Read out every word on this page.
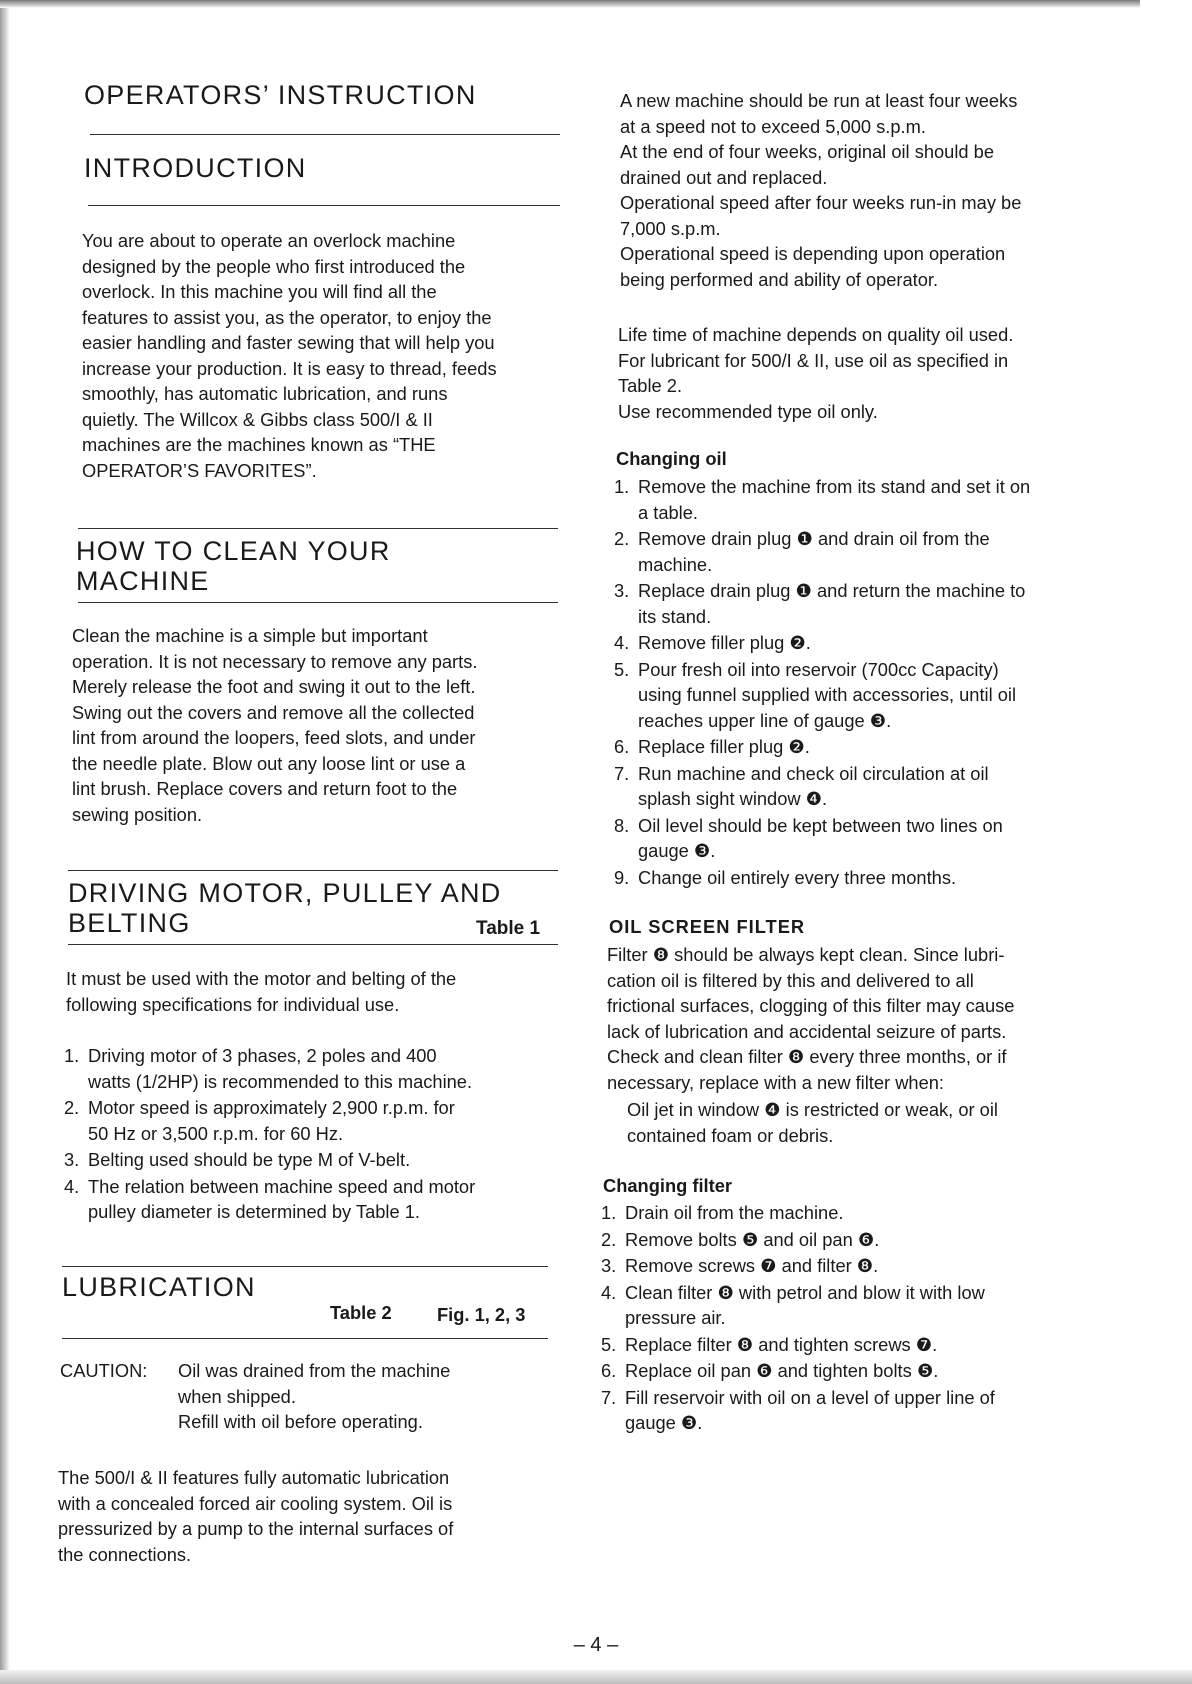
OPERATORS’ INSTRUCTION
INTRODUCTION
You are about to operate an overlock machine
designed by the people who first introduced the
overlock. In this machine you will find all the
features to assist you, as the operator, to enjoy the
easier handling and faster sewing that will help you
increase your production. It is easy to thread, feeds
smoothly, has automatic lubrication, and runs
quietly. The Willcox & Gibbs class 500/I & II
machines are the machines known as “THE
OPERATOR’S FAVORITES”.
HOW TO CLEAN YOUR
MACHINE
Clean the machine is a simple but important
operation. It is not necessary to remove any parts.
Merely release the foot and swing it out to the left.
Swing out the covers and remove all the collected
lint from around the loopers, feed slots, and under
the needle plate. Blow out any loose lint or use a
lint brush. Replace covers and return foot to the
sewing position.
DRIVING MOTOR, PULLEY AND
BELTING	Table 1
It must be used with the motor and belting of the
following specifications for individual use.
1. Driving motor of 3 phases, 2 poles and 400
watts (1/2HP) is recommended to this machine.
2. Motor speed is approximately 2,900 r.p.m. for
50 Hz or 3,500 r.p.m. for 60 Hz.
3. Belting used should be type M of V-belt.
4. The relation between machine speed and motor
pulley diameter is determined by Table 1.
LUBRICATION
Table 2 Fig. 1, 2, 3
CAUTION:	Oil was drained from the machine
when shipped.
Refill with oil before operating.
The 500/I & II features fully automatic lubrication
with a concealed forced air cooling system. Oil is
pressurized by a pump to the internal surfaces of
the connections.
A new machine should be run at least four weeks
at a speed not to exceed 5,000 s.p.m.
At the end of four weeks, original oil should be
drained out and replaced.
Operational speed after four weeks run-in may be
7,000 s.p.m.
Operational speed is depending upon operation
being performed and ability of operator.
Life time of machine depends on quality oil used.
For lubricant for 500/I & II, use oil as specified in
Table 2.
Use recommended type oil only.
Changing oil
1. Remove the machine from its stand and set it on
a table.
2. Remove drain plug ❶ and drain oil from the
machine.
3. Replace drain plug ❶ and return the machine to
its stand.
4. Remove filler plug ❷.
5. Pour fresh oil into reservoir (700cc Capacity)
using funnel supplied with accessories, until oil
reaches upper line of gauge ❸.
6. Replace filler plug ❷.
7. Run machine and check oil circulation at oil
splash sight window ❹.
8. Oil level should be kept between two lines on
gauge ❸.
9. Change oil entirely every three months.
OIL SCREEN FILTER
Filter ❽ should be always kept clean. Since lubri-
cation oil is filtered by this and delivered to all
frictional surfaces, clogging of this filter may cause
lack of lubrication and accidental seizure of parts.
Check and clean filter ❽ every three months, or if
necessary, replace with a new filter when:
Oil jet in window ❹ is restricted or weak, or oil
contained foam or debris.
Changing filter
1. Drain oil from the machine.
2. Remove bolts ❺ and oil pan ❻.
3. Remove screws ❼ and filter ❽.
4. Clean filter ❽ with petrol and blow it with low
pressure air.
5. Replace filter ❽ and tighten screws ❼.
6. Replace oil pan ❻ and tighten bolts ❺.
7. Fill reservoir with oil on a level of upper line of
gauge ❸.
– 4 –
